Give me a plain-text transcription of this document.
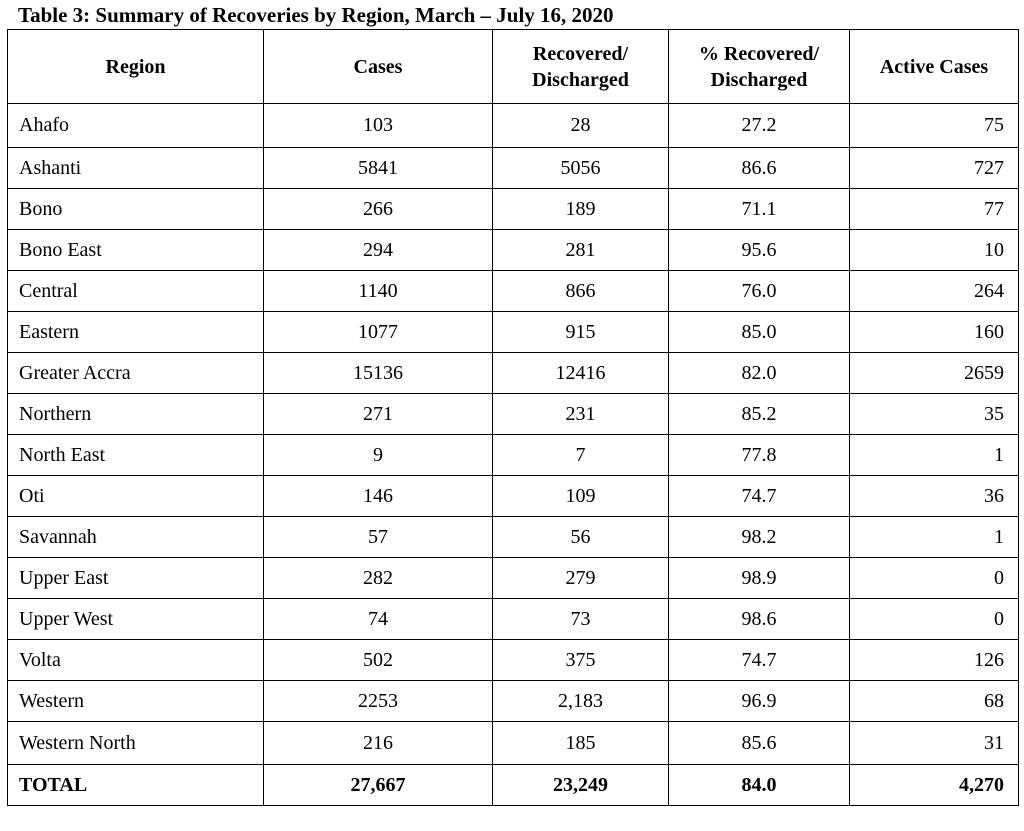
Table 3: Summary of Recoveries by Region, March – July 16, 2020
Region	Cases	Recovered/ Discharged	% Recovered/ Discharged	Active Cases
Ahafo	103	28	27.2	75
Ashanti	5841	5056	86.6	727
Bono	266	189	71.1	77
Bono East	294	281	95.6	10
Central	1140	866	76.0	264
Eastern	1077	915	85.0	160
Greater Accra	15136	12416	82.0	2659
Northern	271	231	85.2	35
North East	9	7	77.8	1
Oti	146	109	74.7	36
Savannah	57	56	98.2	1
Upper East	282	279	98.9	0
Upper West	74	73	98.6	0
Volta	502	375	74.7	126
Western	2253	2,183	96.9	68
Western North	216	185	85.6	31
TOTAL	27,667	23,249	84.0	4,270
